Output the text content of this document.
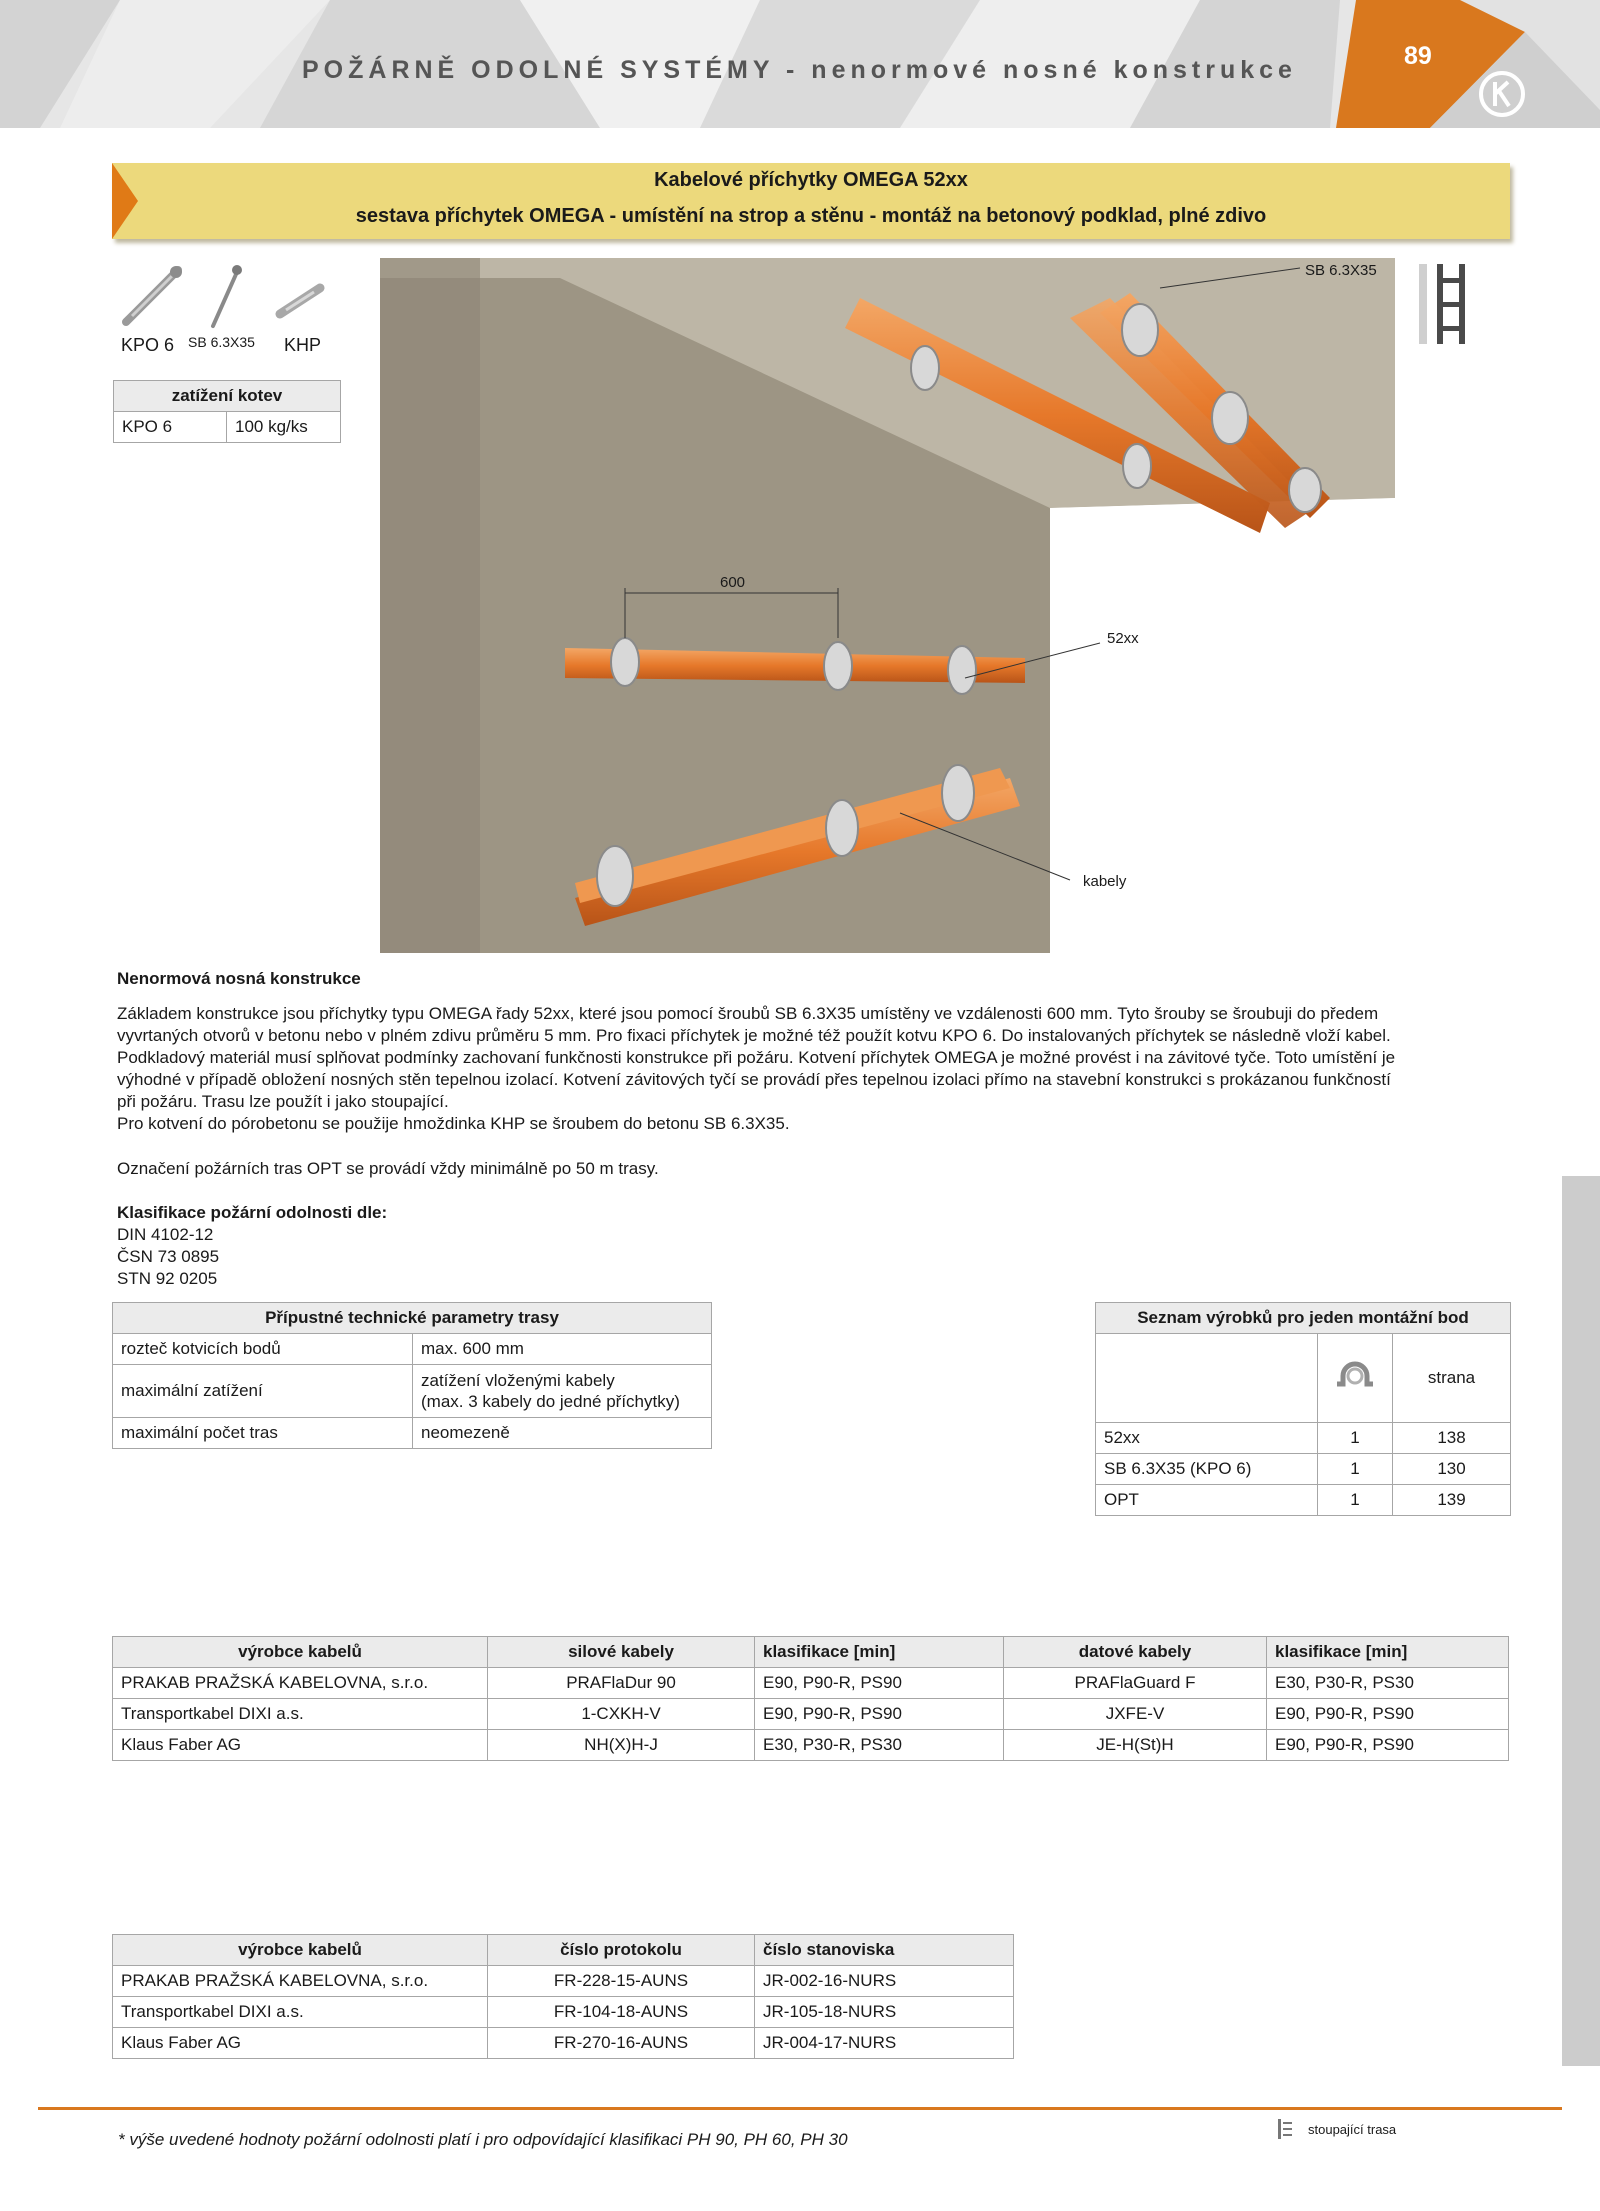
POŽÁRNĚ ODOLNÉ SYSTÉMY - nenormové nosné konstrukce	89
Kabelové příchytky OMEGA 52xx
sestava příchytek OMEGA - umístění na strop a stěnu - montáž na betonový podklad, plné zdivo
KPO 6 SB 6.3X35 KHP
zatížení kotev
KPO 6	100 kg/ks
SB 6.3X35
600
52xx
kabely
Nenormová nosná konstrukce
Základem konstrukce jsou příchytky typu OMEGA řady 52xx, které jsou pomocí šroubů SB 6.3X35 umístěny ve vzdálenosti 600 mm. Tyto šrouby se šroubuji do předem
vyvrtaných otvorů v betonu nebo v plném zdivu průměru 5 mm. Pro fixaci příchytek je možné též použít kotvu KPO 6. Do instalovaných příchytek se následně vloží kabel.
Podkladový materiál musí splňovat podmínky zachovaní funkčnosti konstrukce při požáru. Kotvení příchytek OMEGA je možné provést i na závitové tyče. Toto umístění je
výhodné v případě obložení nosných stěn tepelnou izolací. Kotvení závitových tyčí se provádí přes tepelnou izolaci přímo na stavební konstrukci s prokázanou funkčností
při požáru. Trasu lze použít i jako stoupající.
Pro kotvení do pórobetonu se použije hmoždinka KHP se šroubem do betonu SB 6.3X35.
Označení požárních tras OPT se provádí vždy minimálně po 50 m trasy.
Klasifikace požární odolnosti dle:
DIN 4102-12
ČSN 73 0895
STN 92 0205
Přípustné technické parametry trasy	
rozteč kotvicích bodů	max. 600 mm
maximální zatížení	zatížení vloženými kabely
(max. 3 kabely do jedné příchytky)

maximální počet tras	neomezeně
Seznam výrobků pro jeden montážní bod		
		strana
52xx	1	138
SB 6.3X35 (KPO 6)	1	130
OPT	1	139
výrobce kabelů	silové kabely	klasifikace [min]	datové kabely	klasifikace [min]
PRAKAB PRAŽSKÁ KABELOVNA, s.r.o.	PRAFlaDur 90	E90, P90-R, PS90	PRAFlaGuard F	E30, P30-R, PS30
Transportkabel DIXI a.s.	1-CXKH-V	E90, P90-R, PS90	JXFE-V	E90, P90-R, PS90
Klaus Faber AG	NH(X)H-J	E30, P30-R, PS30	JE-H(St)H	E90, P90-R, PS90
výrobce kabelů	číslo protokolu	číslo stanoviska
PRAKAB PRAŽSKÁ KABELOVNA, s.r.o.	FR-228-15-AUNS	JR-002-16-NURS
Transportkabel DIXI a.s.	FR-104-18-AUNS	JR-105-18-NURS
Klaus Faber AG	FR-270-16-AUNS	JR-004-17-NURS
* výše uvedené hodnoty požární odolnosti platí i pro odpovídající klasifikaci PH 90, PH 60, PH 30
stoupající trasa
